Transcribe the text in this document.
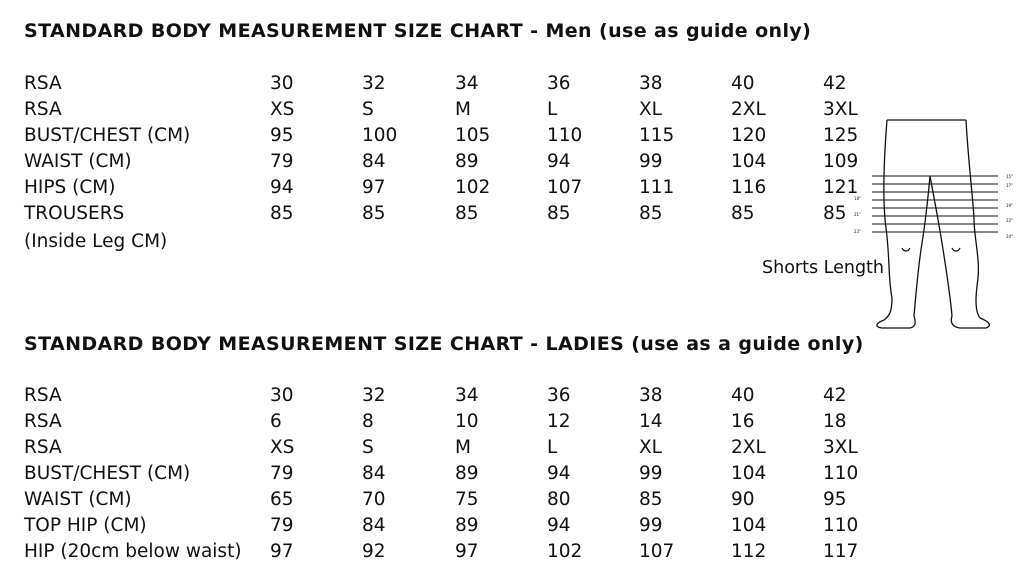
STANDARD BODY MEASUREMENT SIZE CHART - Men (use as guide only)
RSA	30	32	34	36	38	40	42
RSA	XS	S	M	L	XL	2XL	3XL
BUST/CHEST (CM)	95	100	105	110	115	120	125
WAIST (CM)	79	84	89	94	99	104	109
HIPS (CM)	94	97	102	107	111	116	121
TROUSERS	85	85	85	85	85	85	85
(Inside Leg CM)
15"
17"
18"
19"
21"
22"
23"
24"
Shorts Length
STANDARD BODY MEASUREMENT SIZE CHART - LADIES (use as a guide only)
RSA	30	32	34	36	38	40	42
RSA	6	8	10	12	14	16	18
RSA	XS	S	M	L	XL	2XL	3XL
BUST/CHEST (CM)	79	84	89	94	99	104	110
WAIST (CM)	65	70	75	80	85	90	95
TOP HIP (CM)	79	84	89	94	99	104	110
HIP (20cm below waist) 97	92	97	102	107	112	117
